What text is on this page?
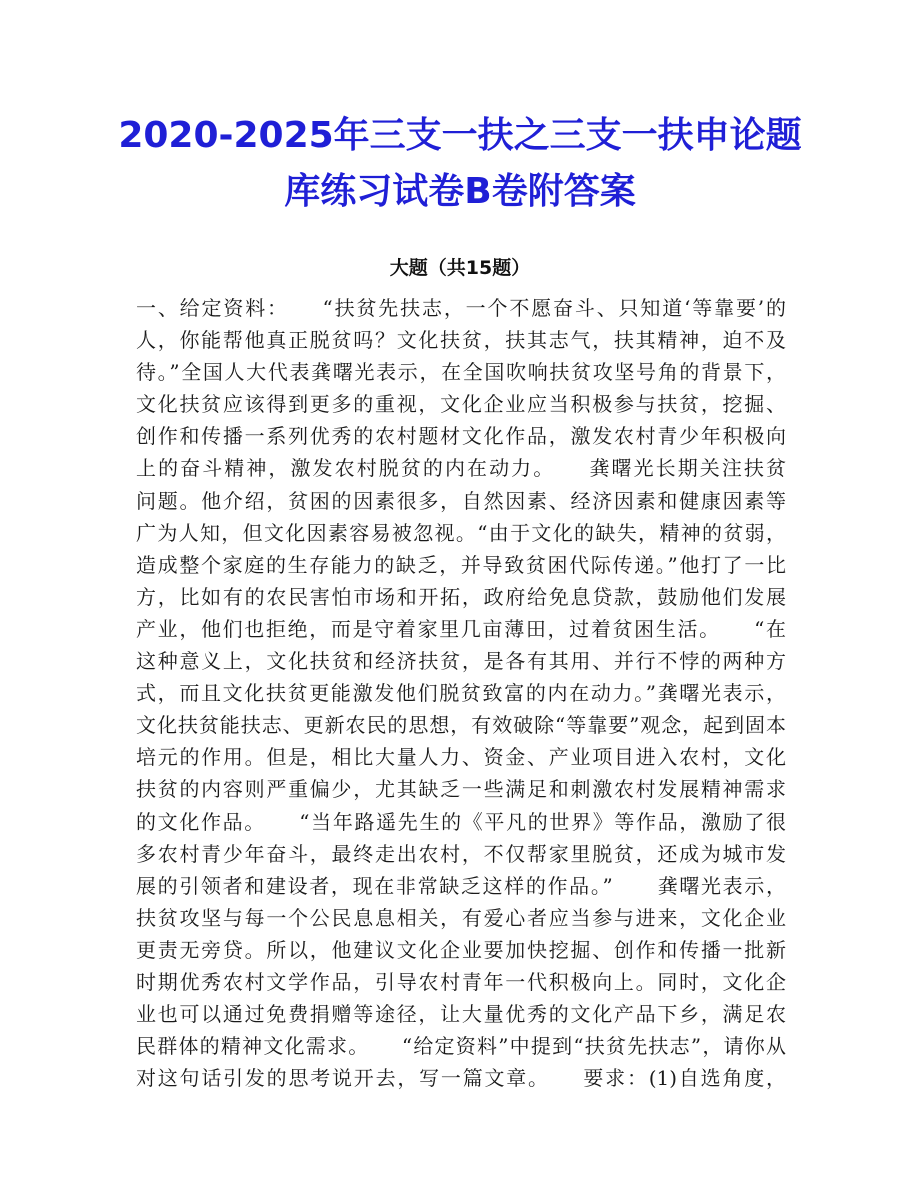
2020-2025年三支一扶之三支一扶申论题
库练习试卷B卷附答案
大题（共15题）
一、给定资料：　　“扶贫先扶志，一个不愿奋斗、只知道‘等靠要’的
人，你能帮他真正脱贫吗？文化扶贫，扶其志气，扶其精神，迫不及
待。”全国人大代表龚曙光表示，在全国吹响扶贫攻坚号角的背景下，
文化扶贫应该得到更多的重视，文化企业应当积极参与扶贫，挖掘、
创作和传播一系列优秀的农村题材文化作品，激发农村青少年积极向
上的奋斗精神，激发农村脱贫的内在动力。　　龚曙光长期关注扶贫
问题。他介绍，贫困的因素很多，自然因素、经济因素和健康因素等
广为人知，但文化因素容易被忽视。“由于文化的缺失，精神的贫弱，
造成整个家庭的生存能力的缺乏，并导致贫困代际传递。”他打了一比
方，比如有的农民害怕市场和开拓，政府给免息贷款，鼓励他们发展
产业，他们也拒绝，而是守着家里几亩薄田，过着贫困生活。　　“在
这种意义上，文化扶贫和经济扶贫，是各有其用、并行不悖的两种方
式，而且文化扶贫更能激发他们脱贫致富的内在动力。”龚曙光表示，
文化扶贫能扶志、更新农民的思想，有效破除“等靠要”观念，起到固本
培元的作用。但是，相比大量人力、资金、产业项目进入农村，文化
扶贫的内容则严重偏少，尤其缺乏一些满足和刺激农村发展精神需求
的文化作品。　　“当年路遥先生的《平凡的世界》等作品，激励了很
多农村青少年奋斗，最终走出农村，不仅帮家里脱贫，还成为城市发
展的引领者和建设者，现在非常缺乏这样的作品。”　　龚曙光表示，
扶贫攻坚与每一个公民息息相关，有爱心者应当参与进来，文化企业
更责无旁贷。所以，他建议文化企业要加快挖掘、创作和传播一批新
时期优秀农村文学作品，引导农村青年一代积极向上。同时，文化企
业也可以通过免费捐赠等途径，让大量优秀的文化产品下乡，满足农
民群体的精神文化需求。　　“给定资料”中提到“扶贫先扶志”，请你从
对这句话引发的思考说开去，写一篇文章。　　要求：(1)自选角度，
